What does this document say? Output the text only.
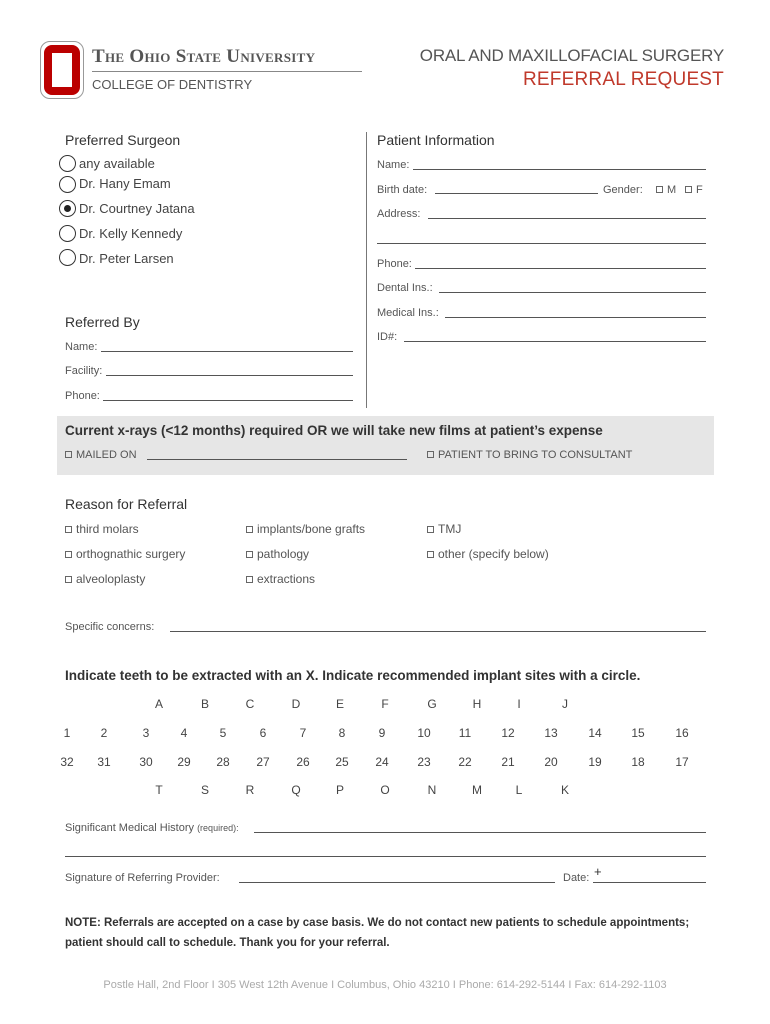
The Ohio State University
COLLEGE OF DENTISTRY
ORAL AND MAXILLOFACIAL SURGERY
REFERRAL REQUEST
Preferred Surgeon
any available
Dr. Hany Emam
Dr. Courtney Jatana
Dr. Kelly Kennedy
Dr. Peter Larsen
Referred By
Name:
Facility:
Phone:
Patient Information
Name:
Birth date:	Gender:	M	F
Address:
Phone:
Dental Ins.:
Medical Ins.:
ID#:
Current x-rays (<12 months) required OR we will take new films at patient’s expense
MAILED ON	PATIENT TO BRING TO CONSULTANT
Reason for Referral
third molars
orthognathic surgery
alveoloplasty
implants/bone grafts
pathology
extractions
TMJ
other (specify below)
Specific concerns:
Indicate teeth to be extracted with an X. Indicate recommended implant sites with a circle.
A	B	C	D	E	F	G	H	I	J
1	2	3	4	5	6	7	8	9	10	11	12	13	14	15	16
32	31	30	29	28	27	26	25	24	23	22	21	20	19	18	17
T	S	R	Q	P	O	N	M	L	K
Significant Medical History (required):
Signature of Referring Provider:	Date: +
NOTE: Referrals are accepted on a case by case basis. We do not contact new patients to schedule appointments;
patient should call to schedule. Thank you for your referral.
Postle Hall, 2nd Floor I 305 West 12th Avenue I Columbus, Ohio 43210 I Phone: 614-292-5144 I Fax: 614-292-1103
